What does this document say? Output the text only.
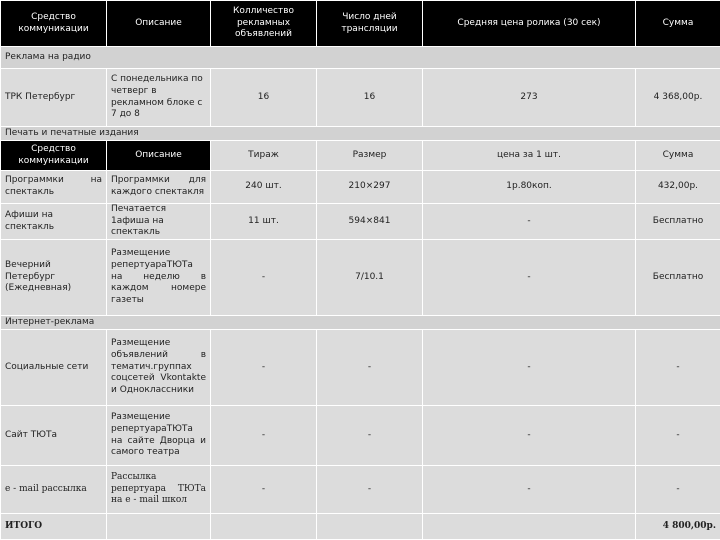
Средство коммуникации	Описание	Колличество рекламных объявлений	Число дней трансляции	Средняя цена ролика (30 сек)	Сумма
Реклама на радио					
ТРК Петербург	С понедельника по четверг в рекламном блоке с 7 до 8	16	16	273	4 368,00р.
Печать и печатные издания					
Средство коммуникации	Описание	Тираж	Размер	цена за 1 шт.	Сумма
Программки на спектакль	Программки для каждого спектакля	240 шт.	210×297	1р.80коп.	432,00р.
Афиши на спектакль	Печатается 1афиша на спектакль	11 шт.	594×841	-	Бесплатно
Вечерний Петербург (Ежедневная)	Размещение репертуараТЮТа на неделю в каждом номере газеты	-	7/10.1	-	Бесплатно
Интернет-реклама					
Социальные сети	Размещение объявлений в тематич.группах соцсетей Vkontakte и Одноклассники	-	-	-	-
Сайт ТЮТа	Размещение репертуараТЮТа на сайте Дворца и самого театра	-	-	-	-
e - mail рассылка	Рассылка репертуара ТЮТа на e - mail школ	-	-	-	-
ИТОГО					4 800,00р.
